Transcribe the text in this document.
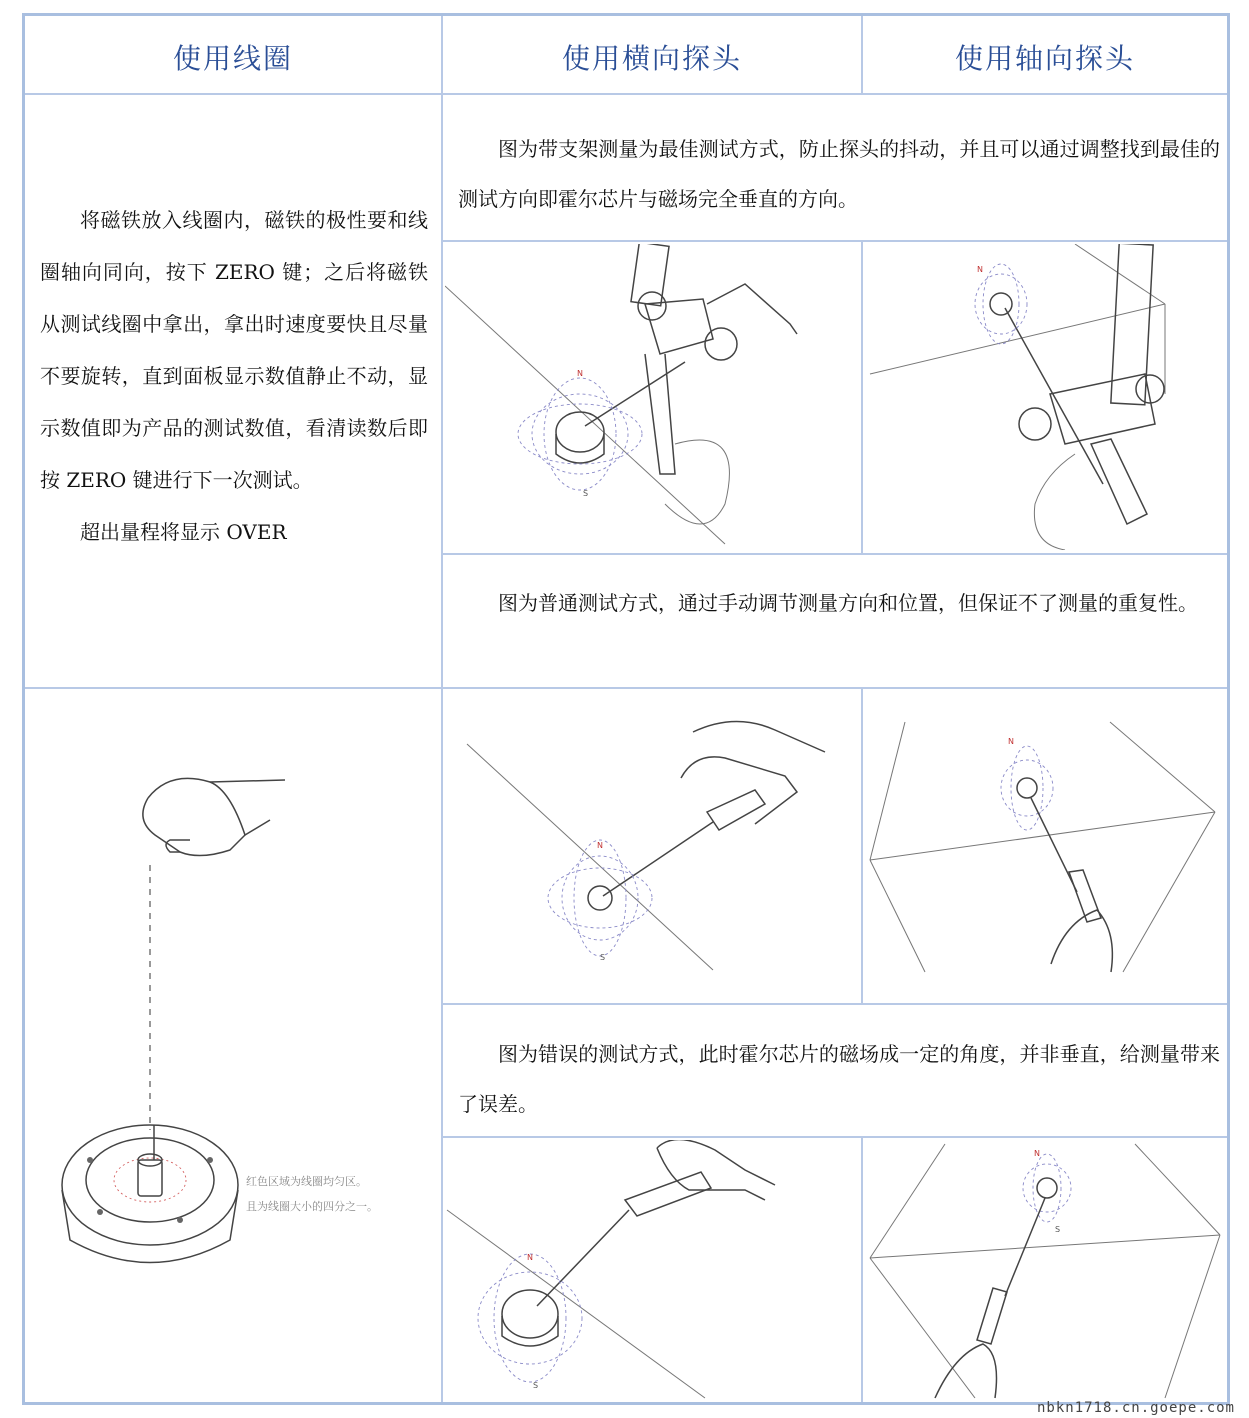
使用线圈	使用横向探头	使用轴向探头

将磁铁放入线圈内，磁铁的极性要和线圈轴向同向，按下 ZERO 键；之后将磁铁从测试线圈中拿出，拿出时速度要快且尽量不要旋转，直到面板显示数值静止不动，显示数值即为产品的测试数值，看清读数后即按 ZERO 键进行下一次测试。

超出量程将显示 OVER

图为带支架测量为最佳测试方式，防止探头的抖动，并且可以通过调整找到最佳的测试方向即霍尔芯片与磁场完全垂直的方向。

图为普通测试方式，通过手动调节测量方向和位置，但保证不了测量的重复性。

图为错误的测试方式，此时霍尔芯片的磁场成一定的角度，并非垂直，给测量带来了误差。

N
S
N
红色区域为线圈均匀区。
且为线圈大小的四分之一。
N
S
N
N
S
N
S
nbkn1718.cn.goepe.com
